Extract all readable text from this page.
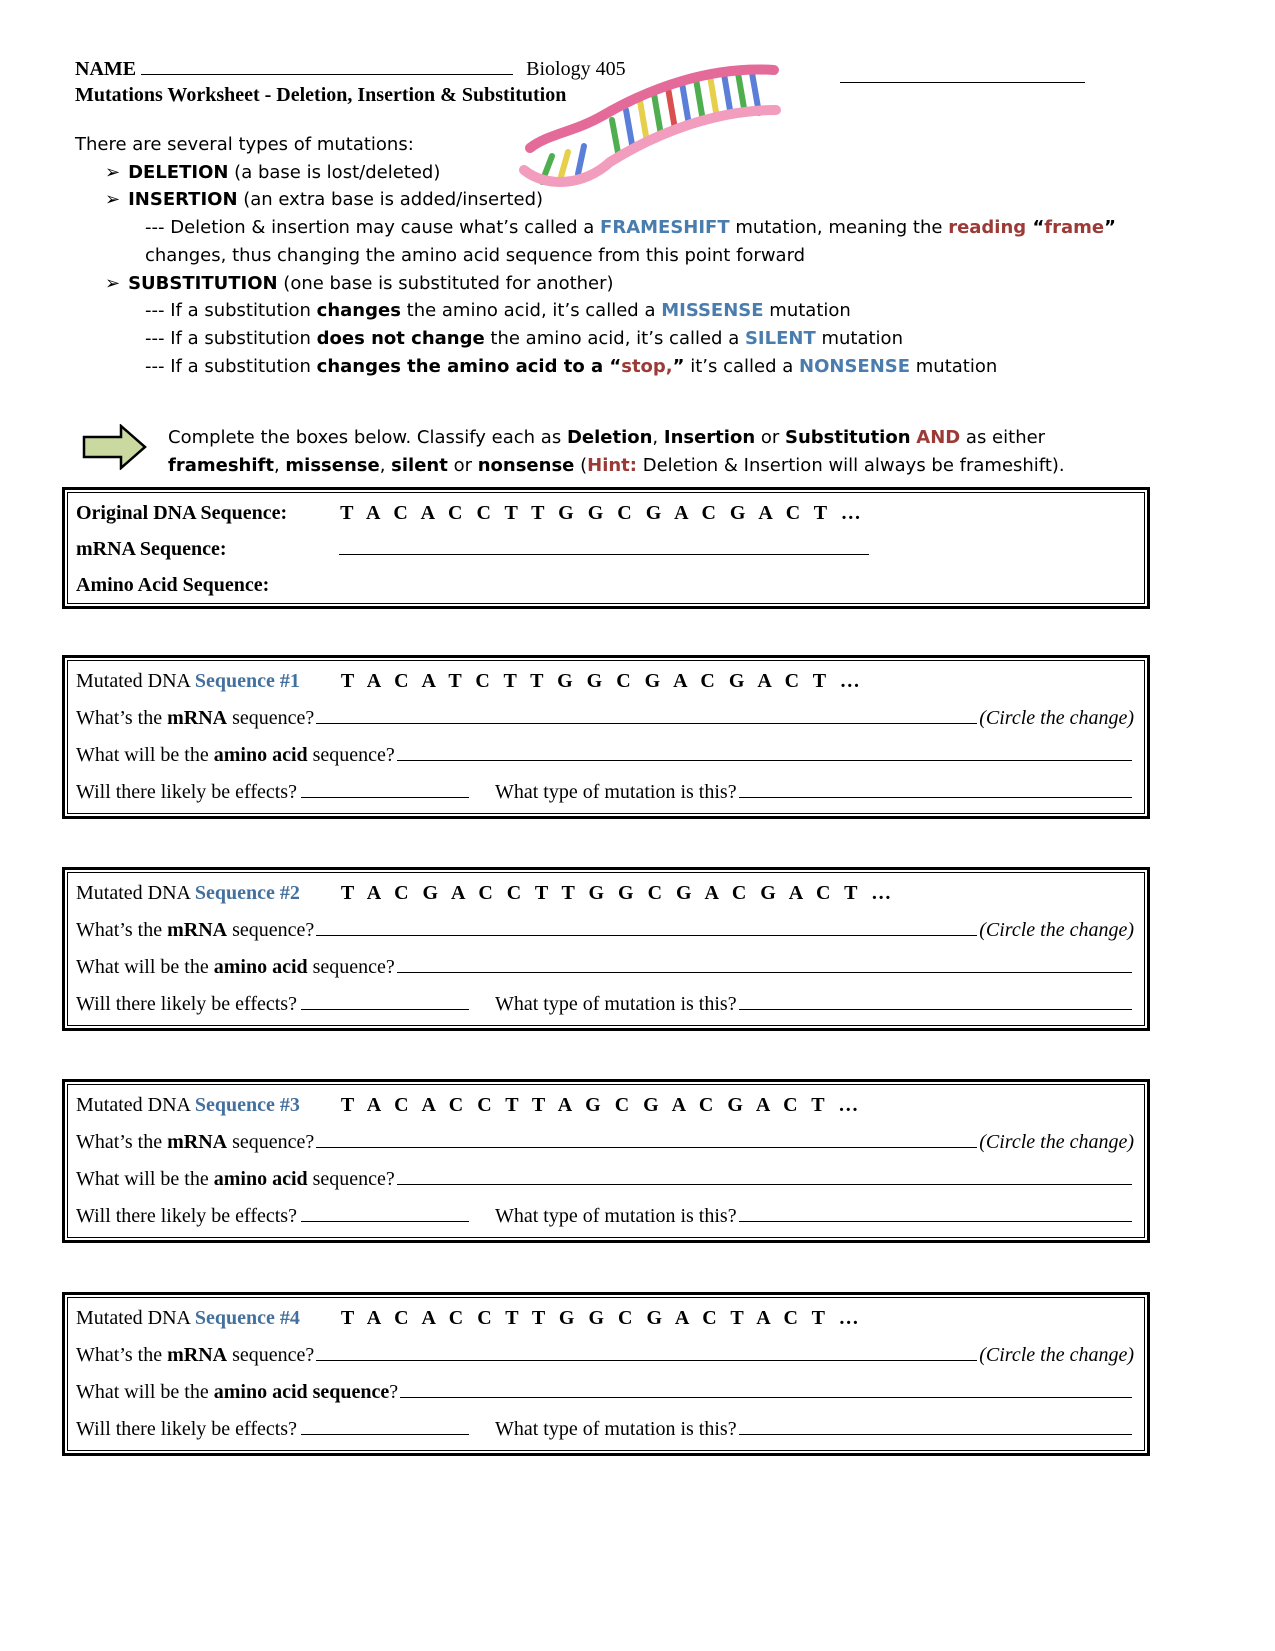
NAME	Biology 405
Mutations Worksheet - Deletion, Insertion & Substitution
There are several types of mutations:
➢ DELETION (a base is lost/deleted)
➢ INSERTION (an extra base is added/inserted)
--- Deletion & insertion may cause what’s called a FRAMESHIFT mutation, meaning the reading “frame”
changes, thus changing the amino acid sequence from this point forward
➢ SUBSTITUTION (one base is substituted for another)
--- If a substitution changes the amino acid, it’s called a MISSENSE mutation
--- If a substitution does not change the amino acid, it’s called a SILENT mutation
--- If a substitution changes the amino acid to a “stop,” it’s called a NONSENSE mutation
Complete the boxes below. Classify each as Deletion, Insertion or Substitution AND as either
frameshift, missense, silent or nonsense (Hint: Deletion & Insertion will always be frameshift).
Original DNA Sequence:	T A C A C C T T G G C G A C G A C T …
mRNA Sequence:
Amino Acid Sequence:
Mutated DNA Sequence #1 T A C A T C T T G G C G A C G A C T …
What’s the mRNA sequence?	(Circle the change)
What will be the amino acid sequence?
Will there likely be effects?	What type of mutation is this?
Mutated DNA Sequence #2 T A C G A C C T T G G C G A C G A C T …
What’s the mRNA sequence?	(Circle the change)
What will be the amino acid sequence?
Will there likely be effects?	What type of mutation is this?
Mutated DNA Sequence #3 T A C A C C T T A G C G A C G A C T …
What’s the mRNA sequence?	(Circle the change)
What will be the amino acid sequence?
Will there likely be effects?	What type of mutation is this?
Mutated DNA Sequence #4 T A C A C C T T G G C G A C T A C T …
What’s the mRNA sequence?	(Circle the change)
What will be the amino acid sequence?
Will there likely be effects?	What type of mutation is this?
